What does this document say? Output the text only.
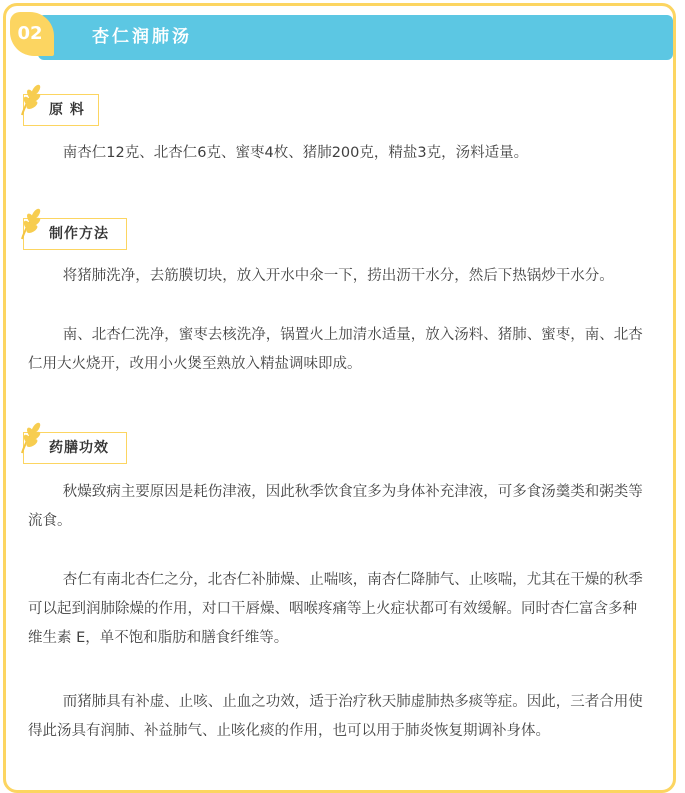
杏仁润肺汤
02
原 料

南杏仁12克、北杏仁6克、蜜枣4枚、猪肺200克，精盐3克，汤料适量。

制作方法

将猪肺洗净，去筋膜切块，放入开水中氽一下，捞出沥干水分，然后下热锅炒干水分。

南、北杏仁洗净，蜜枣去核洗净，锅置火上加清水适量，放入汤料、猪肺、蜜枣，南、北杏仁用大火烧开，改用小火煲至熟放入精盐调味即成。

药膳功效

秋燥致病主要原因是耗伤津液，因此秋季饮食宜多为身体补充津液，可多食汤羹类和粥类等流食。

杏仁有南北杏仁之分，北杏仁补肺燥、止喘咳，南杏仁降肺气、止咳喘，尤其在干燥的秋季可以起到润肺除燥的作用，对口干唇燥、咽喉疼痛等上火症状都可有效缓解。同时杏仁富含多种维生素 E，单不饱和脂肪和膳食纤维等。

而猪肺具有补虚、止咳、止血之功效，适于治疗秋天肺虚肺热多痰等症。因此，三者合用使得此汤具有润肺、补益肺气、止咳化痰的作用，也可以用于肺炎恢复期调补身体。
